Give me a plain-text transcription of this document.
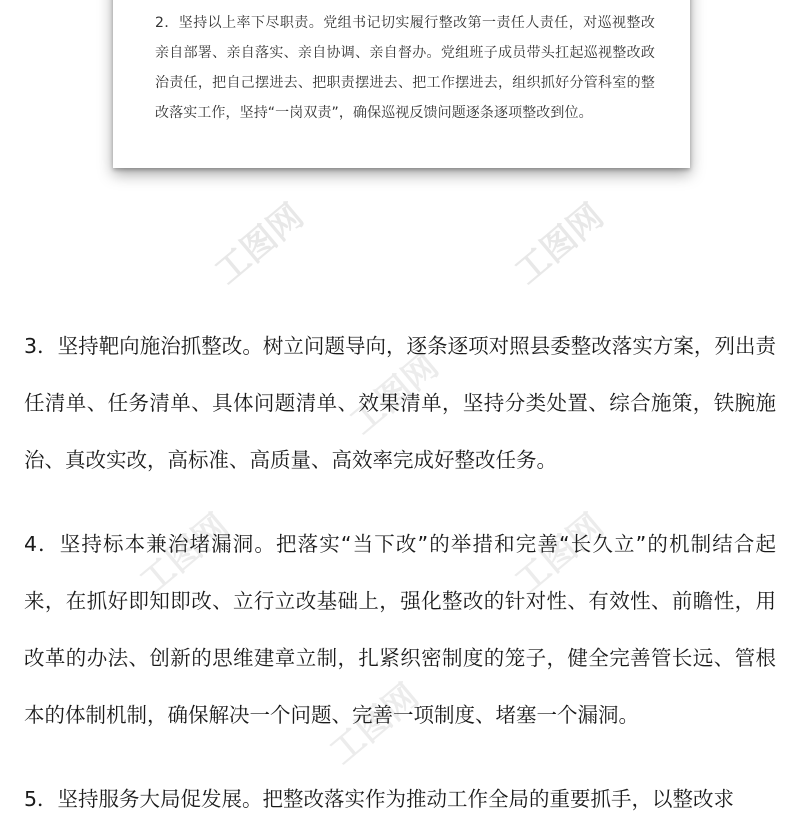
工图网	工图网
工图网
工图网	工图网
工图网

2．坚持以上率下尽职责。党组书记切实履行整改第一责任人责任，对巡视整改亲自部署、亲自落实、亲自协调、亲自督办。党组班子成员带头扛起巡视整改政治责任，把自己摆进去、把职责摆进去、把工作摆进去，组织抓好分管科室的整改落实工作，坚持“一岗双责”，确保巡视反馈问题逐条逐项整改到位。

3．坚持靶向施治抓整改。树立问题导向，逐条逐项对照县委整改落实方案，列出责任清单、任务清单、具体问题清单、效果清单，坚持分类处置、综合施策，铁腕施治、真改实改，高标准、高质量、高效率完成好整改任务。

4．坚持标本兼治堵漏洞。把落实“当下改”的举措和完善“长久立”的机制结合起来，在抓好即知即改、立行立改基础上，强化整改的针对性、有效性、前瞻性，用改革的办法、创新的思维建章立制，扎紧织密制度的笼子，健全完善管长远、管根本的体制机制，确保解决一个问题、完善一项制度、堵塞一个漏洞。

5．坚持服务大局促发展。把整改落实作为推动工作全局的重要抓手，以整改求
